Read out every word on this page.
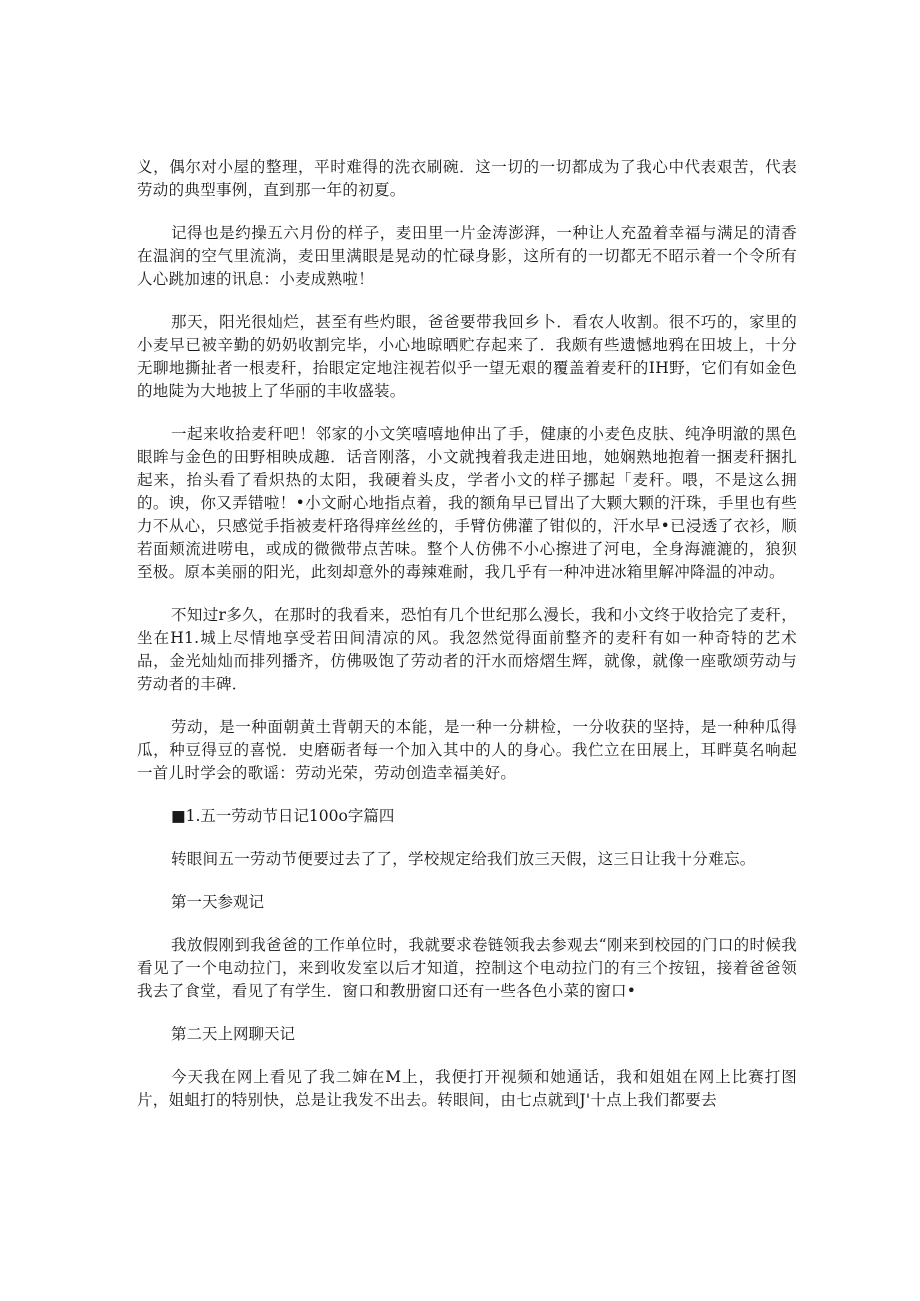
义，偶尔对小屋的整理，平时难得的洗衣刷碗．这一切的一切都成为了我心中代表艰苦，代表劳动的典型事例，直到那一年的初夏。

记得也是约操五六月份的样子，麦田里一片金涛澎湃，一种让人充盈着幸福与满足的清香在温润的空气里流淌，麦田里满眼是晃动的忙碌身影，这所有的一切都无不昭示着一个令所有人心跳加速的讯息：小麦成熟啦！

那天，阳光很灿烂，甚至有些灼眼，爸爸要带我回乡卜．看农人收割。很不巧的，家里的小麦早已被辛勤的奶奶收割完毕，小心地晾晒贮存起来了．我颇有些遗憾地鸦在田坡上，十分无聊地撕扯者一根麦秆，抬眼定定地注视若似乎一望无艰的覆盖着麦秆的IH野，它们有如金色的地陡为大地披上了华丽的丰收盛装。

一起来收拾麦秆吧！邻家的小文笑嘻嘻地伸出了手，健康的小麦色皮肤、纯净明澈的黑色眼眸与金色的田野相映成趣．话音刚落，小文就拽着我走进田地，她娴熟地抱着一捆麦秆捆扎起来，抬头看了看炽热的太阳，我硬着头皮，学者小文的样子挪起「麦秆。喂，不是这么拥的。谀，你又弄错啦！•小文耐心地指点着，我的额角早已冒出了大颗大颗的汗珠，手里也有些力不从心，只感觉手指被麦杆珞得痒丝丝的，手臂仿佛灌了钳似的，汗水早•已浸透了衣衫，顺若面颊流进唠电，或成的微微带点苦味。整个人仿佛不小心擦进了河电，全身海漉漉的，狼狈至极。原本美丽的阳光，此刻却意外的毒辣难耐，我几乎有一种冲进冰箱里解冲降温的冲动。

不知过r多久，在那时的我看来，恐怕有几个世纪那么漫长，我和小文终于收拾完了麦秆，坐在H1.城上尽情地享受若田间清凉的风。我忽然觉得面前整齐的麦秆有如一种奇特的艺术品，金光灿灿而排列播齐，仿佛吸饱了劳动者的汗水而熔熠生辉，就像，就像一座歌颂劳动与劳动者的丰碑．

劳动，是一种面朝黄土背朝天的本能，是一种一分耕检，一分收获的坚持，是一种种瓜得瓜，种豆得豆的喜悦．史磨砺者每一个加入其中的人的身心。我伫立在田展上，耳畔莫名响起一首儿时学会的歌谣：劳动光荣，劳动创造幸福美好。

■1.五一劳动节日记100o字篇四

转眼间五一劳动节便要过去了了，学校规定给我们放三天假，这三日让我十分难忘。

第一天参观记

我放假刚到我爸爸的工作单位时，我就要求卷链领我去参观去“刚来到校园的门口的时候我看见了一个电动拉门，来到收发室以后才知道，控制这个电动拉门的有三个按钮，接着爸爸领我去了食堂，看见了有学生．窗口和教册窗口还有一些各色小菜的窗口•

第二天上网聊天记

今天我在网上看见了我二婶在M上，我便打开视频和她通话，我和姐姐在网上比赛打图片，姐蛆打的特别快，总是让我发不出去。转眼间，由七点就到J'十点上我们都要去
